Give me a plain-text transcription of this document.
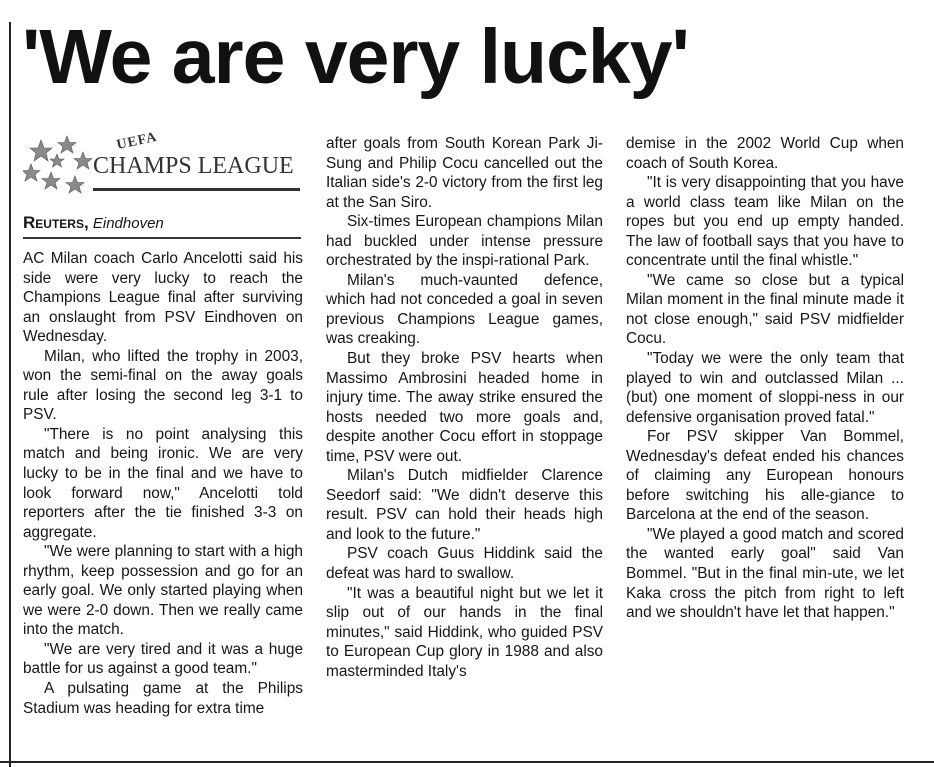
'We are very lucky'
UEFA
CHAMPS LEAGUE
Reuters, Eindhoven

AC Milan coach Carlo Ancelotti said his side were very lucky to reach the Champions League final after surviving an onslaught from PSV Eindhoven on Wednesday.

Milan, who lifted the trophy in 2003, won the semi-final on the away goals rule after losing the second leg 3-1 to PSV.

"There is no point analysing this match and being ironic. We are very lucky to be in the final and we have to look forward now," Ancelotti told reporters after the tie finished 3-3 on aggregate.

"We were planning to start with a high rhythm, keep possession and go for an early goal. We only started playing when we were 2-0 down. Then we really came into the match.

"We are very tired and it was a huge battle for us against a good team."

A pulsating game at the Philips Stadium was heading for extra time

after goals from South Korean Park Ji-Sung and Philip Cocu cancelled out the Italian side's 2-0 victory from the first leg at the San Siro.

Six-times European champions Milan had buckled under intense pressure orchestrated by the inspi-rational Park.

Milan's much-vaunted defence, which had not conceded a goal in seven previous Champions League games, was creaking.

But they broke PSV hearts when Massimo Ambrosini headed home in injury time. The away strike ensured the hosts needed two more goals and, despite another Cocu effort in stoppage time, PSV were out.

Milan's Dutch midfielder Clarence Seedorf said: "We didn't deserve this result. PSV can hold their heads high and look to the future."

PSV coach Guus Hiddink said the defeat was hard to swallow.

"It was a beautiful night but we let it slip out of our hands in the final minutes," said Hiddink, who guided PSV to European Cup glory in 1988 and also masterminded Italy's

demise in the 2002 World Cup when coach of South Korea.

"It is very disappointing that you have a world class team like Milan on the ropes but you end up empty handed. The law of football says that you have to concentrate until the final whistle."

"We came so close but a typical Milan moment in the final minute made it not close enough," said PSV midfielder Cocu.

"Today we were the only team that played to win and outclassed Milan ... (but) one moment of sloppi-ness in our defensive organisation proved fatal."

For PSV skipper Van Bommel, Wednesday's defeat ended his chances of claiming any European honours before switching his alle-giance to Barcelona at the end of the season.

"We played a good match and scored the wanted early goal" said Van Bommel. "But in the final min-ute, we let Kaka cross the pitch from right to left and we shouldn't have let that happen."
